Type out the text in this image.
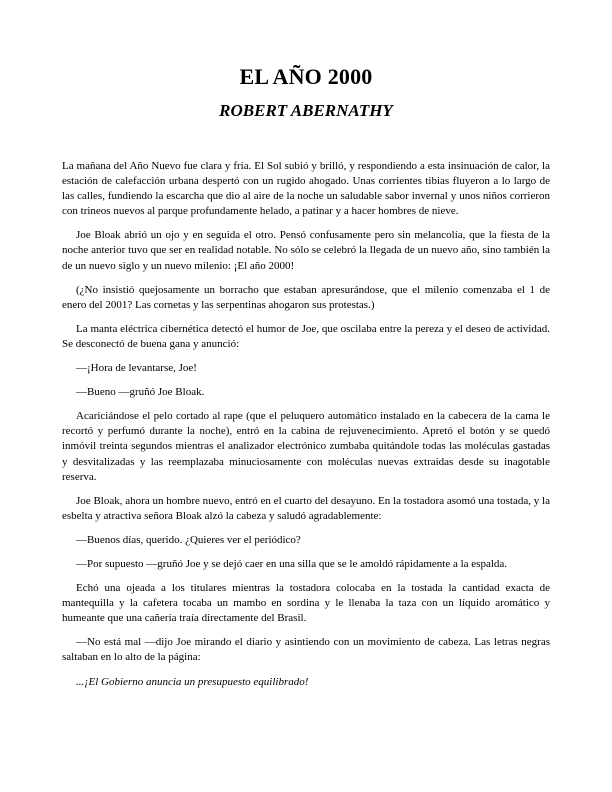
EL AÑO 2000
ROBERT ABERNATHY

La mañana del Año Nuevo fue clara y fría. El Sol subió y brilló, y respondiendo a esta insinuación de calor, la estación de calefacción urbana despertó con un rugido ahogado. Unas corrientes tibias fluyeron a lo largo de las calles, fundiendo la escarcha que dio al aire de la noche un saludable sabor invernal y unos niños corrieron con trineos nuevos al parque profundamente helado, a patinar y a hacer hombres de nieve.

Joe Bloak abrió un ojo y en seguida el otro. Pensó confusamente pero sin melancolía, que la fiesta de la noche anterior tuvo que ser en realidad notable. No sólo se celebró la llegada de un nuevo año, sino también la de un nuevo siglo y un nuevo milenio: ¡El año 2000!

(¿No insistió quejosamente un borracho que estaban apresurándose, que el milenio comenzaba el 1 de enero del 2001? Las cornetas y las serpentinas ahogaron sus protestas.)

La manta eléctrica cibernética detectó el humor de Joe, que oscilaba entre la pereza y el deseo de actividad. Se desconectó de buena gana y anunció:

—¡Hora de levantarse, Joe!

—Bueno —gruñó Joe Bloak.

Acariciándose el pelo cortado al rape (que el peluquero automático instalado en la cabecera de la cama le recortó y perfumó durante la noche), entró en la cabina de rejuvenecimiento. Apretó el botón y se quedó inmóvil treinta segundos mientras el analizador electrónico zumbaba quitándole todas las moléculas gastadas y desvitalizadas y las reemplazaba minuciosamente con moléculas nuevas extraídas desde su inagotable reserva.

Joe Bloak, ahora un hombre nuevo, entró en el cuarto del desayuno. En la tostadora asomó una tostada, y la esbelta y atractiva señora Bloak alzó la cabeza y saludó agradablemente:

—Buenos días, querido. ¿Quieres ver el periódico?

—Por supuesto —gruñó Joe y se dejó caer en una silla que se le amoldó rápidamente a la espalda.

Echó una ojeada a los titulares mientras la tostadora colocaba en la tostada la cantidad exacta de mantequilla y la cafetera tocaba un mambo en sordina y le llenaba la taza con un líquido aromático y humeante que una cañería traía directamente del Brasil.

—No está mal —dijo Joe mirando el diario y asintiendo con un movimiento de cabeza. Las letras negras saltaban en lo alto de la página:

...¡El Gobierno anuncia un presupuesto equilibrado!
